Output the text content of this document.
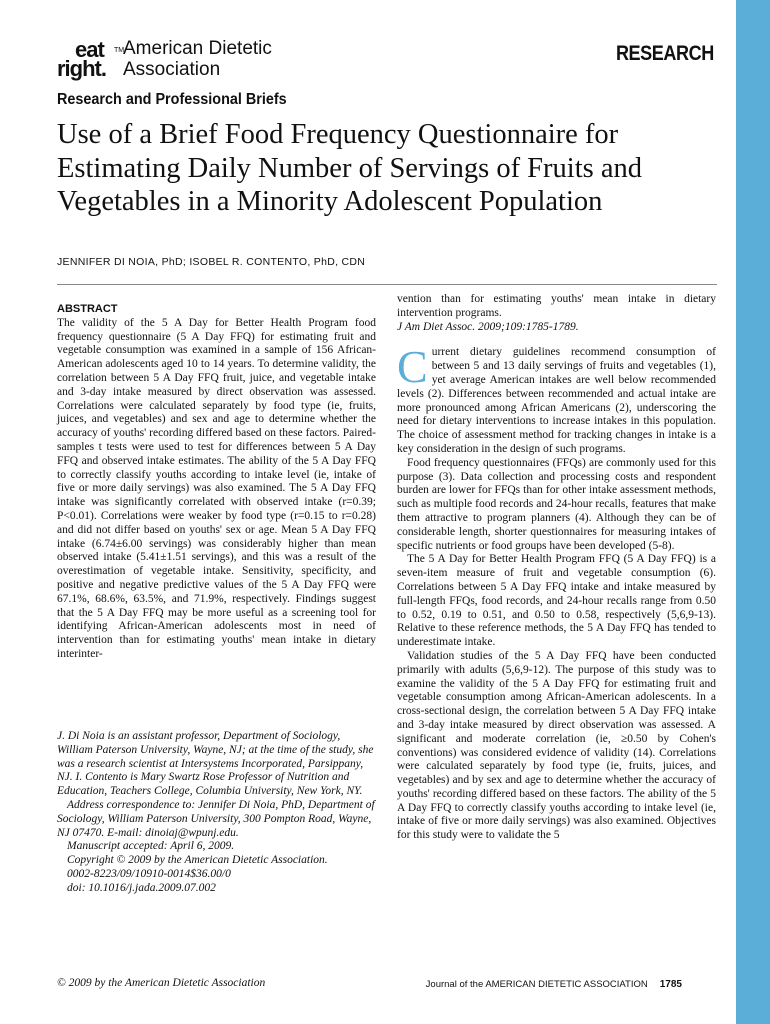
eat TM
right.
American Dietetic
Association
RESEARCH
Research and Professional Briefs
Use of a Brief Food Frequency Questionnaire for Estimating Daily Number of Servings of Fruits and Vegetables in a Minority Adolescent Population
JENNIFER DI NOIA, PhD; ISOBEL R. CONTENTO, PhD, CDN

ABSTRACT

The validity of the 5 A Day for Better Health Program food frequency questionnaire (5 A Day FFQ) for estimating fruit and vegetable consumption was examined in a sample of 156 African-American adolescents aged 10 to 14 years. To determine validity, the correlation between 5 A Day FFQ fruit, juice, and vegetable intake and 3-day intake measured by direct observation was assessed. Correlations were calculated separately by food type (ie, fruits, juices, and vegetables) and sex and age to determine whether the accuracy of youths' recording differed based on these factors. Paired-samples t tests were used to test for differences between 5 A Day FFQ and observed intake estimates. The ability of the 5 A Day FFQ to correctly classify youths according to intake level (ie, intake of five or more daily servings) was also examined. The 5 A Day FFQ intake was significantly correlated with observed intake (r=0.39; P<0.01). Correlations were weaker by food type (r=0.15 to r=0.28) and did not differ based on youths' sex or age. Mean 5 A Day FFQ intake (6.74±6.00 servings) was considerably higher than mean observed intake (5.41±1.51 servings), and this was a result of the overestimation of vegetable intake. Sensitivity, specificity, and positive and negative predictive values of the 5 A Day FFQ were 67.1%, 68.6%, 63.5%, and 71.9%, respectively. Findings suggest that the 5 A Day FFQ may be more useful as a screening tool for identifying African-American adolescents most in need of intervention than for estimating youths' mean intake in dietary interinter-

J. Di Noia is an assistant professor, Department of Sociology, William Paterson University, Wayne, NJ; at the time of the study, she was a research scientist at Intersystems Incorporated, Parsippany, NJ. I. Contento is Mary Swartz Rose Professor of Nutrition and Education, Teachers College, Columbia University, New York, NY.

Address correspondence to: Jennifer Di Noia, PhD, Department of Sociology, William Paterson University, 300 Pompton Road, Wayne, NJ 07470. E-mail: dinoiaj@wpunj.edu.

Manuscript accepted: April 6, 2009.

Copyright © 2009 by the American Dietetic Association.

0002-8223/09/10910-0014$36.00/0

doi: 10.1016/j.jada.2009.07.002

vention than for estimating youths' mean intake in dietary intervention programs.

J Am Diet Assoc. 2009;109:1785-1789.

Current dietary guidelines recommend consumption of between 5 and 13 daily servings of fruits and vegetables (1), yet average American intakes are well below recommended levels (2). Differences between recommended and actual intake are more pronounced among African Americans (2), underscoring the need for dietary interventions to increase intakes in this population. The choice of assessment method for tracking changes in intake is a key consideration in the design of such programs.

Food frequency questionnaires (FFQs) are commonly used for this purpose (3). Data collection and processing costs and respondent burden are lower for FFQs than for other intake assessment methods, such as multiple food records and 24-hour recalls, features that make them attractive to program planners (4). Although they can be of considerable length, shorter questionnaires for measuring intakes of specific nutrients or food groups have been developed (5-8).

The 5 A Day for Better Health Program FFQ (5 A Day FFQ) is a seven-item measure of fruit and vegetable consumption (6). Correlations between 5 A Day FFQ intake and intake measured by full-length FFQs, food records, and 24-hour recalls range from 0.50 to 0.52, 0.19 to 0.51, and 0.50 to 0.58, respectively (5,6,9-13). Relative to these reference methods, the 5 A Day FFQ has tended to underestimate intake.

Validation studies of the 5 A Day FFQ have been conducted primarily with adults (5,6,9-12). The purpose of this study was to examine the validity of the 5 A Day FFQ for estimating fruit and vegetable consumption among African-American adolescents. In a cross-sectional design, the correlation between 5 A Day FFQ intake and 3-day intake measured by direct observation was assessed. A significant and moderate correlation (ie, ≥0.50 by Cohen's conventions) was considered evidence of validity (14). Correlations were calculated separately by food type (ie, fruits, juices, and vegetables) and by sex and age to determine whether the accuracy of youths' recording differed based on these factors. The ability of the 5 A Day FFQ to correctly classify youths according to intake level (ie, intake of five or more daily servings) was also examined. Objectives for this study were to validate the 5

© 2009 by the American Dietetic Association	Journal of the AMERICAN DIETETIC ASSOCIATION 1785
